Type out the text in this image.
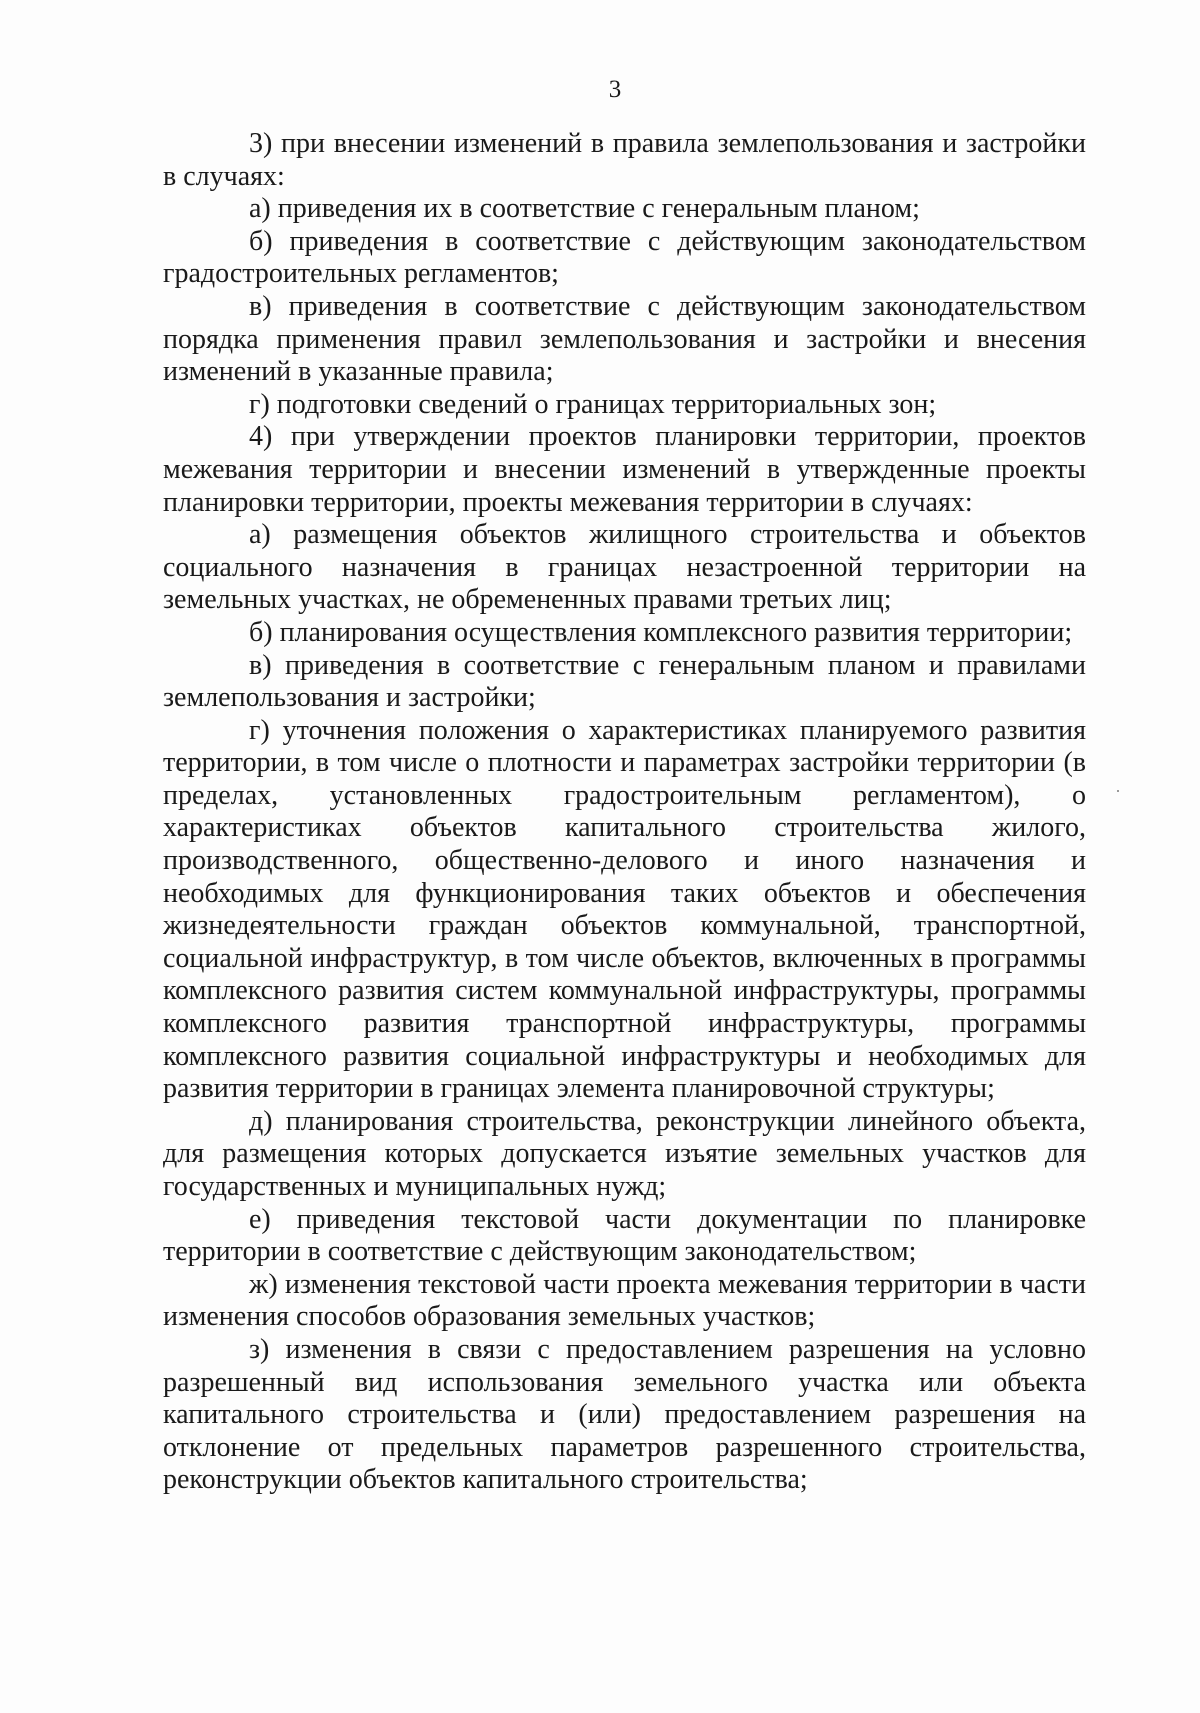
3

3) при внесении изменений в правила землепользования и застройки в случаях:

а) приведения их в соответствие с генеральным планом;

б) приведения в соответствие с действующим законодательством градостроительных регламентов;

в) приведения в соответствие с действующим законодательством порядка применения правил землепользования и застройки и внесения изменений в указанные правила;

г) подготовки сведений о границах территориальных зон;

4) при утверждении проектов планировки территории, проектов межевания территории и внесении изменений в утвержденные проекты планировки территории, проекты межевания территории в случаях:

а) размещения объектов жилищного строительства и объектов социального назначения в границах незастроенной территории на земельных участках, не обремененных правами третьих лиц;

б) планирования осуществления комплексного развития территории;

в) приведения в соответствие с генеральным планом и правилами землепользования и застройки;

г) уточнения положения о характеристиках планируемого развития территории, в том числе о плотности и параметрах застройки территории (в пределах, установленных градостроительным регламентом), о характеристиках объектов капитального строительства жилого, производственного, общественно-делового и иного назначения и необходимых для функционирования таких объектов и обеспечения жизнедеятельности граждан объектов коммунальной, транспортной, социальной инфраструктур, в том числе объектов, включенных в программы комплексного развития систем коммунальной инфраструктуры, программы комплексного развития транспортной инфраструктуры, программы комплексного развития социальной инфраструктуры и необходимых для развития территории в границах элемента планировочной структуры;

д) планирования строительства, реконструкции линейного объекта, для размещения которых допускается изъятие земельных участков для государственных и муниципальных нужд;

е) приведения текстовой части документации по планировке территории в соответствие с действующим законодательством;

ж) изменения текстовой части проекта межевания территории в части изменения способов образования земельных участков;

з) изменения в связи с предоставлением разрешения на условно разрешенный вид использования земельного участка или объекта капитального строительства и (или) предоставлением разрешения на отклонение от предельных параметров разрешенного строительства, реконструкции объектов капитального строительства;
